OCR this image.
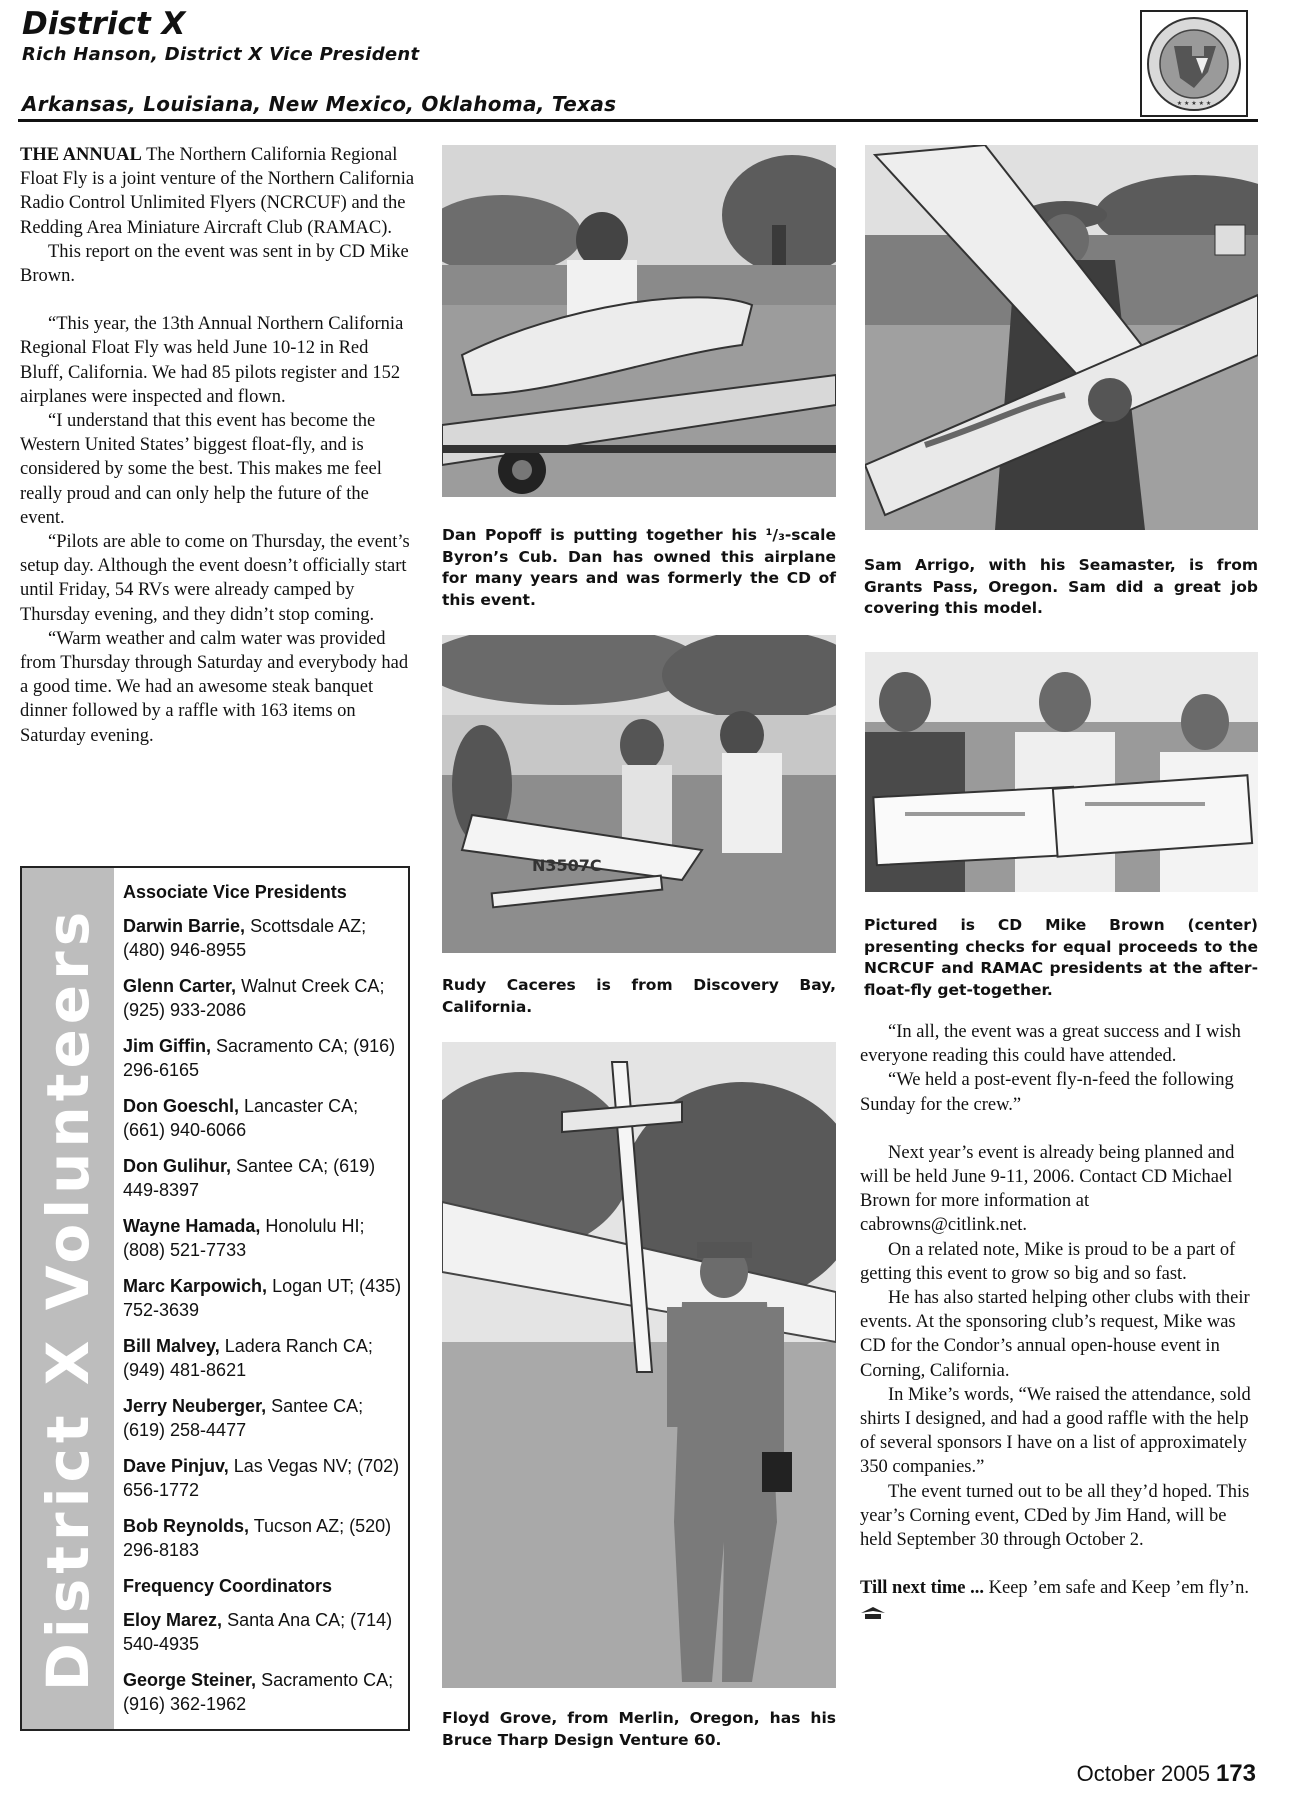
District X
Rich Hanson, District X Vice President
Arkansas, Louisiana, New Mexico, Oklahoma, Texas	★ ★ ★ ★ ★

THE ANNUAL The Northern California Regional Float Fly is a joint venture of the Northern California Radio Control Unlimited Flyers (NCRCUF) and the Redding Area Miniature Aircraft Club (RAMAC).

This report on the event was sent in by CD Mike Brown.

“This year, the 13th Annual Northern California Regional Float Fly was held June 10-12 in Red Bluff, California. We had 85 pilots register and 152 airplanes were inspected and flown.

“I understand that this event has become the Western United States’ biggest float-fly, and is considered by some the best. This makes me feel really proud and can only help the future of the event.

“Pilots are able to come on Thursday, the event’s setup day. Although the event doesn’t officially start until Friday, 54 RVs were already camped by Thursday evening, and they didn’t stop coming.

“Warm weather and calm water was provided from Thursday through Saturday and everybody had a good time. We had an awesome steak banquet dinner followed by a raffle with 163 items on Saturday evening.

Dan Popoff is putting together his ¹/₃-scale Byron’s Cub. Dan has owned this airplane for many years and was formerly the CD of this event.
N3507C
Rudy Caceres is from Discovery Bay, California.
Floyd Grove, from Merlin, Oregon, has his Bruce Tharp Design Venture 60.
Sam Arrigo, with his Seamaster, is from Grants Pass, Oregon. Sam did a great job covering this model.
Pictured is CD Mike Brown (center) presenting checks for equal proceeds to the NCRCUF and RAMAC presidents at the after-float-fly get-together.

“In all, the event was a great success and I wish everyone reading this could have attended.

“We held a post-event fly-n-feed the following Sunday for the crew.”

Next year’s event is already being planned and will be held June 9-11, 2006. Contact CD Michael Brown for more information at cabrowns@citlink.net.

On a related note, Mike is proud to be a part of getting this event to grow so big and so fast.

He has also started helping other clubs with their events. At the sponsoring club’s request, Mike was CD for the Condor’s annual open-house event in Corning, California.

In Mike’s words, “We raised the attendance, sold shirts I designed, and had a good raffle with the help of several sponsors I have on a list of approximately 350 companies.”

The event turned out to be all they’d hoped. This year’s Corning event, CDed by Jim Hand, will be held September 30 through October 2.

Till next time ... Keep ’em safe and Keep ’em fly’n.

District X Volunteers
Associate Vice Presidents
Darwin Barrie, Scottsdale AZ; (480) 946-8955
Glenn Carter, Walnut Creek CA; (925) 933-2086
Jim Giffin, Sacramento CA; (916) 296-6165
Don Goeschl, Lancaster CA; (661) 940-6066
Don Gulihur, Santee CA; (619) 449-8397
Wayne Hamada, Honolulu HI; (808) 521-7733
Marc Karpowich, Logan UT; (435) 752-3639
Bill Malvey, Ladera Ranch CA; (949) 481-8621
Jerry Neuberger, Santee CA; (619) 258-4477
Dave Pinjuv, Las Vegas NV; (702) 656-1772
Bob Reynolds, Tucson AZ; (520) 296-8183
Frequency Coordinators
Eloy Marez, Santa Ana CA; (714) 540-4935
George Steiner, Sacramento CA; (916) 362-1962
October 2005 173
